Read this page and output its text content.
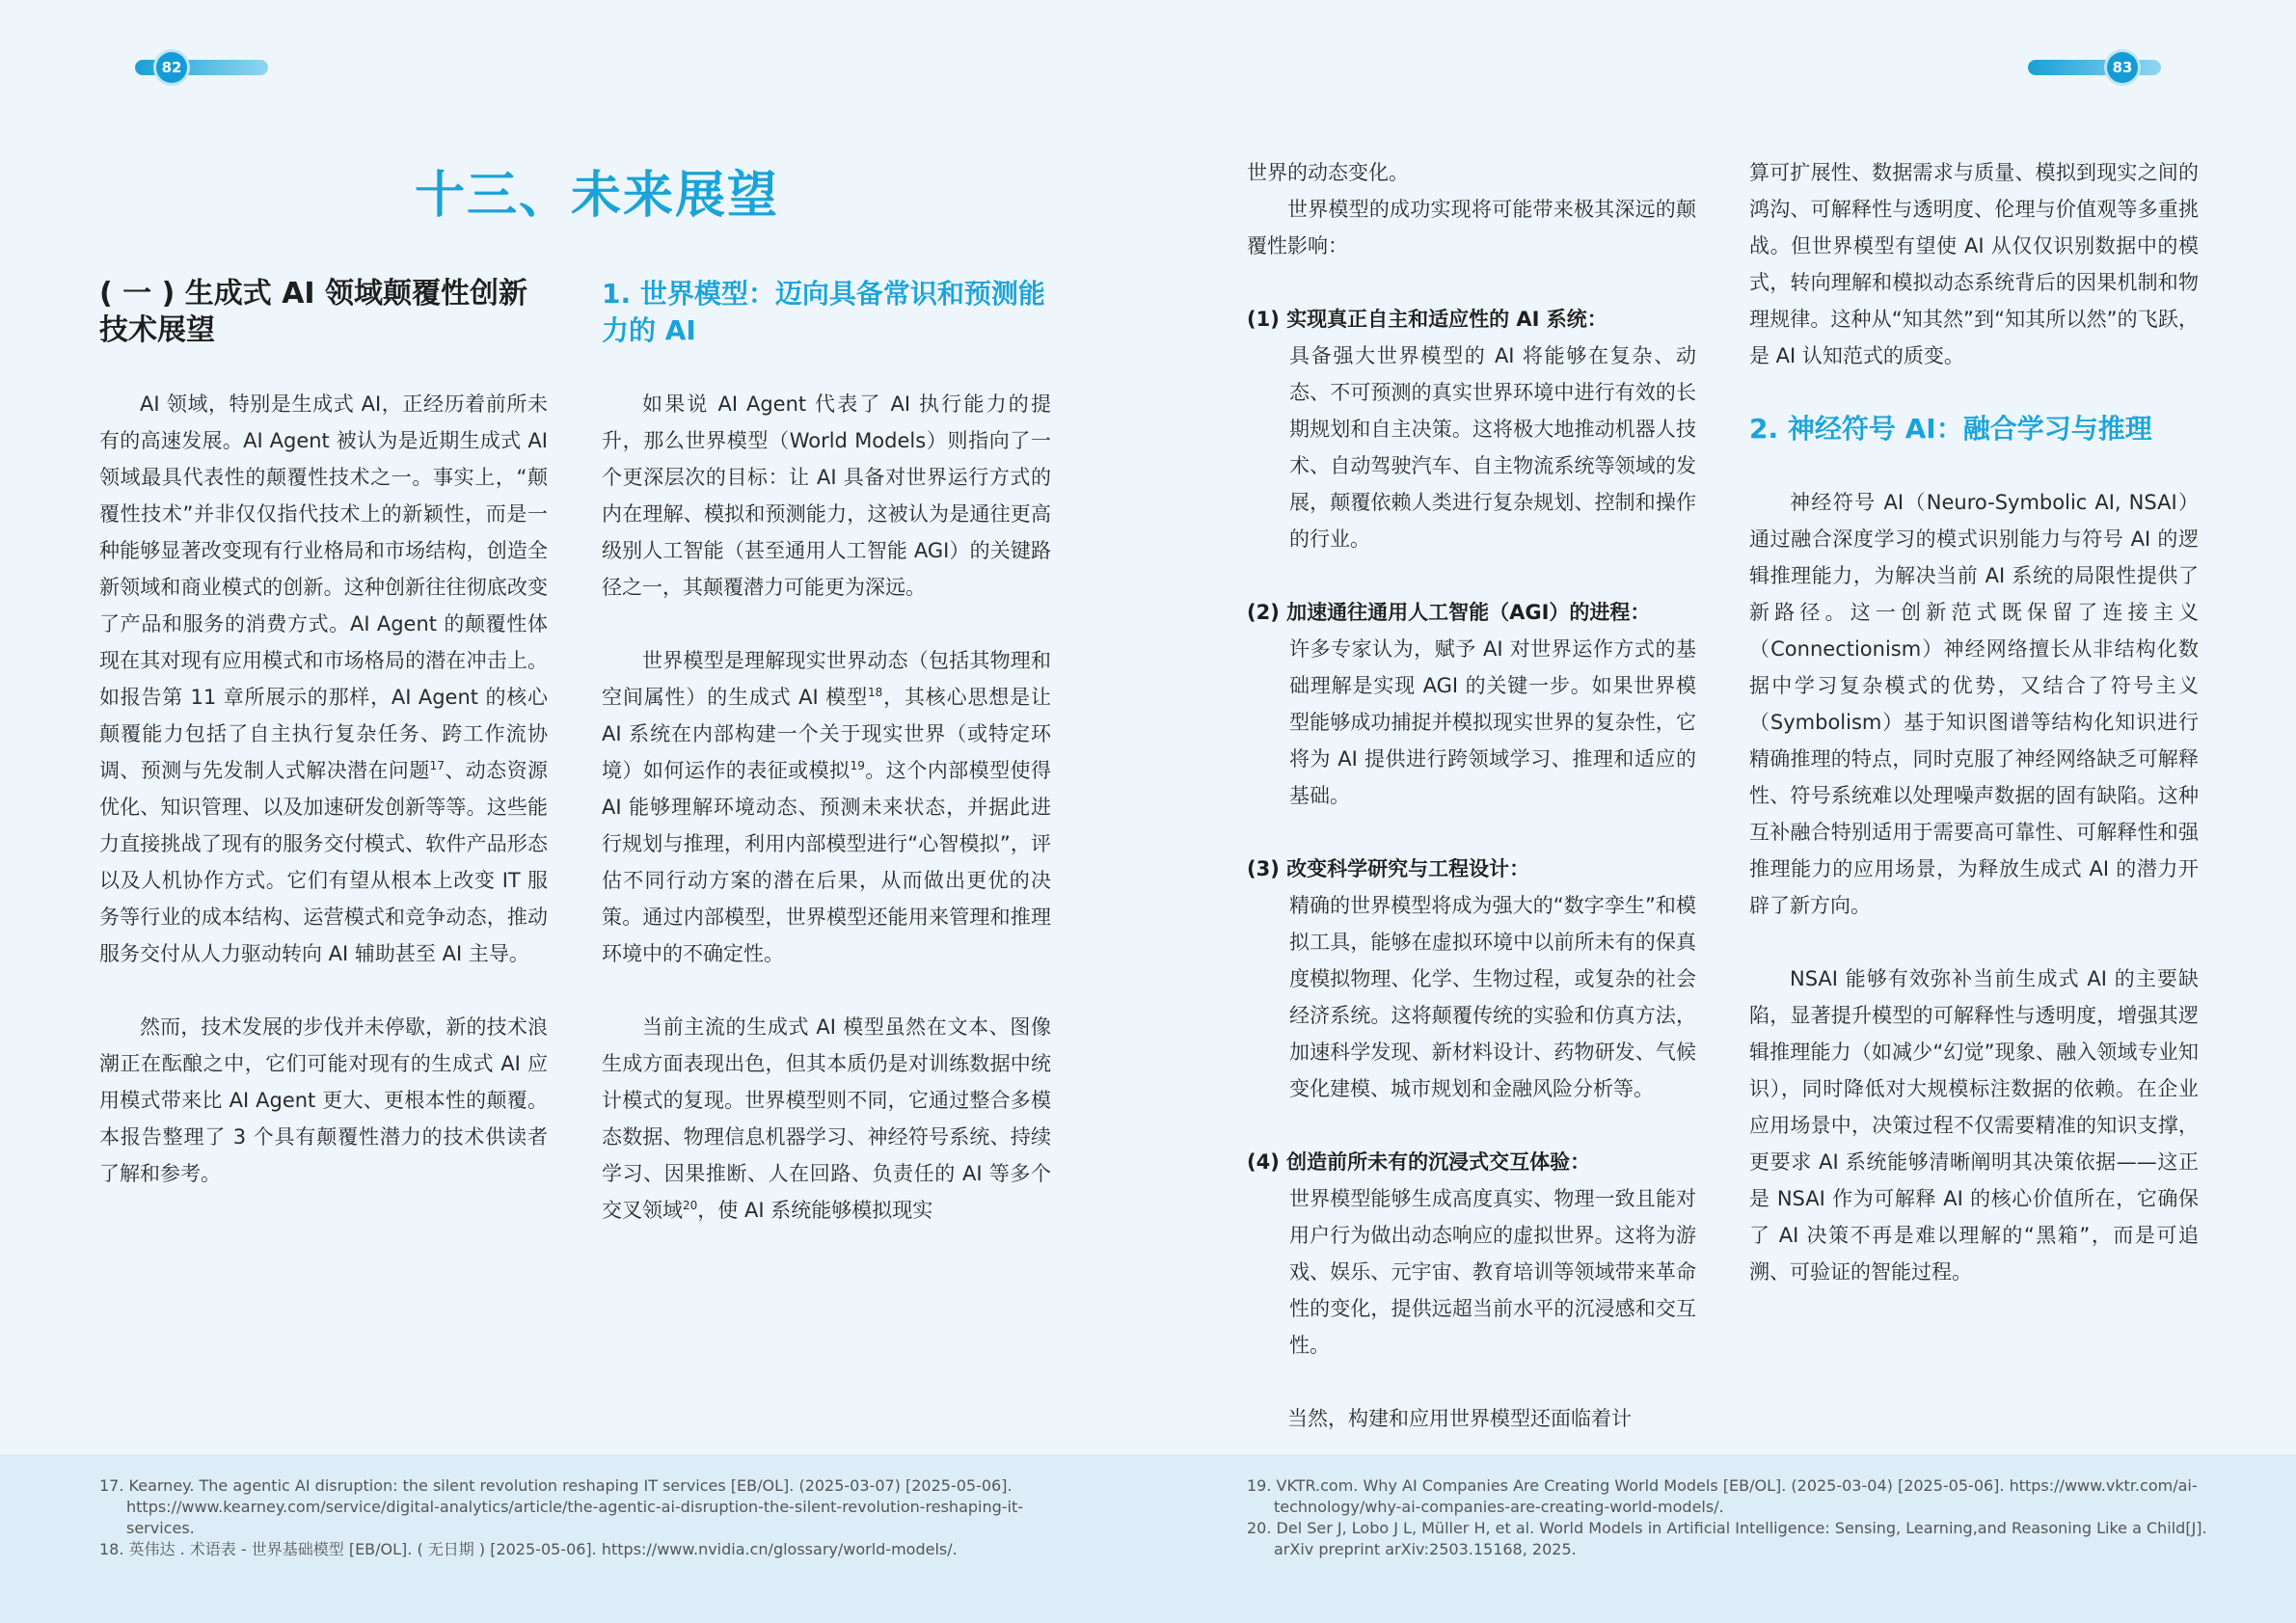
82
十三、未来展望
( 一 ) 生成式 AI 领域颠覆性创新技术展望

AI 领域，特别是生成式 AI，正经历着前所未有的高速发展。AI Agent 被认为是近期生成式 AI 领域最具代表性的颠覆性技术之一。事实上，“颠覆性技术”并非仅仅指代技术上的新颖性，而是一种能够显著改变现有行业格局和市场结构，创造全新领域和商业模式的创新。这种创新往往彻底改变了产品和服务的消费方式。AI Agent 的颠覆性体现在其对现有应用模式和市场格局的潜在冲击上。如报告第 11 章所展示的那样，AI Agent 的核心颠覆能力包括了自主执行复杂任务、跨工作流协调、预测与先发制人式解决潜在问题$^{17}$、动态资源优化、知识管理、以及加速研发创新等等。这些能力直接挑战了现有的服务交付模式、软件产品形态以及人机协作方式。它们有望从根本上改变 IT 服务等行业的成本结构、运营模式和竞争动态，推动服务交付从人力驱动转向 AI 辅助甚至 AI 主导。

然而，技术发展的步伐并未停歇，新的技术浪潮正在酝酿之中，它们可能对现有的生成式 AI 应用模式带来比 AI Agent 更大、更根本性的颠覆。本报告整理了 3 个具有颠覆性潜力的技术供读者了解和参考。

1. 世界模型：迈向具备常识和预测能力的 AI

如果说 AI Agent 代表了 AI 执行能力的提升，那么世界模型（World Models）则指向了一个更深层次的目标：让 AI 具备对世界运行方式的内在理解、模拟和预测能力，这被认为是通往更高级别人工智能（甚至通用人工智能 AGI）的关键路径之一，其颠覆潜力可能更为深远。

世界模型是理解现实世界动态（包括其物理和空间属性）的生成式 AI 模型$^{18}$，其核心思想是让 AI 系统在内部构建一个关于现实世界（或特定环境）如何运作的表征或模拟$^{19}$。这个内部模型使得 AI 能够理解环境动态、预测未来状态，并据此进行规划与推理，利用内部模型进行“心智模拟”，评估不同行动方案的潜在后果，从而做出更优的决策。通过内部模型，世界模型还能用来管理和推理环境中的不确定性。

当前主流的生成式 AI 模型虽然在文本、图像生成方面表现出色，但其本质仍是对训练数据中统计模式的复现。世界模型则不同，它通过整合多模态数据、物理信息机器学习、神经符号系统、持续学习、因果推断、人在回路、负责任的 AI 等多个交叉领域$^{20}$，使 AI 系统能够模拟现实

83

世界的动态变化。

世界模型的成功实现将可能带来极其深远的颠覆性影响：

(1) 实现真正自主和适应性的 AI 系统：

具备强大世界模型的 AI 将能够在复杂、动态、不可预测的真实世界环境中进行有效的长期规划和自主决策。这将极大地推动机器人技术、自动驾驶汽车、自主物流系统等领域的发展，颠覆依赖人类进行复杂规划、控制和操作的行业。

(2) 加速通往通用人工智能（AGI）的进程：

许多专家认为，赋予 AI 对世界运作方式的基础理解是实现 AGI 的关键一步。如果世界模型能够成功捕捉并模拟现实世界的复杂性，它将为 AI 提供进行跨领域学习、推理和适应的基础。

(3) 改变科学研究与工程设计：

精确的世界模型将成为强大的“数字孪生”和模拟工具，能够在虚拟环境中以前所未有的保真度模拟物理、化学、生物过程，或复杂的社会经济系统。这将颠覆传统的实验和仿真方法，加速科学发现、新材料设计、药物研发、气候变化建模、城市规划和金融风险分析等。

(4) 创造前所未有的沉浸式交互体验：

世界模型能够生成高度真实、物理一致且能对用户行为做出动态响应的虚拟世界。这将为游戏、娱乐、元宇宙、教育培训等领域带来革命性的变化，提供远超当前水平的沉浸感和交互性。

当然，构建和应用世界模型还面临着计

算可扩展性、数据需求与质量、模拟到现实之间的鸿沟、可解释性与透明度、伦理与价值观等多重挑战。但世界模型有望使 AI 从仅仅识别数据中的模式，转向理解和模拟动态系统背后的因果机制和物理规律。这种从“知其然”到“知其所以然”的飞跃，是 AI 认知范式的质变。

2. 神经符号 AI：融合学习与推理

神经符号 AI（Neuro-Symbolic AI, NSAI）通过融合深度学习的模式识别能力与符号 AI 的逻辑推理能力，为解决当前 AI 系统的局限性提供了新路径。这一创新范式既保留了连接主义（Connectionism）神经网络擅长从非结构化数据中学习复杂模式的优势，又结合了符号主义（Symbolism）基于知识图谱等结构化知识进行精确推理的特点，同时克服了神经网络缺乏可解释性、符号系统难以处理噪声数据的固有缺陷。这种互补融合特别适用于需要高可靠性、可解释性和强推理能力的应用场景，为释放生成式 AI 的潜力开辟了新方向。

NSAI 能够有效弥补当前生成式 AI 的主要缺陷，显著提升模型的可解释性与透明度，增强其逻辑推理能力（如减少“幻觉”现象、融入领域专业知识），同时降低对大规模标注数据的依赖。在企业应用场景中，决策过程不仅需要精准的知识支撑，更要求 AI 系统能够清晰阐明其决策依据——这正是 NSAI 作为可解释 AI 的核心价值所在，它确保了 AI 决策不再是难以理解的“黑箱”，而是可追溯、可验证的智能过程。

17. Kearney. The agentic AI disruption: the silent revolution reshaping IT services [EB/OL]. (2025-03-07) [2025-05-06]. https://www.kearney.com/service/digital-analytics/article/the-agentic-ai-disruption-the-silent-revolution-reshaping-it-services.

18. 英伟达 . 术语表 - 世界基础模型 [EB/OL]. ( 无日期 ) [2025-05-06]. https://www.nvidia.cn/glossary/world-models/.

19. VKTR.com. Why AI Companies Are Creating World Models [EB/OL]. (2025-03-04) [2025-05-06]. https://www.vktr.com/ai-technology/why-ai-companies-are-creating-world-models/.

20. Del Ser J, Lobo J L, Müller H, et al. World Models in Artificial Intelligence: Sensing, Learning,and Reasoning Like a Child[J]. arXiv preprint arXiv:2503.15168, 2025.
